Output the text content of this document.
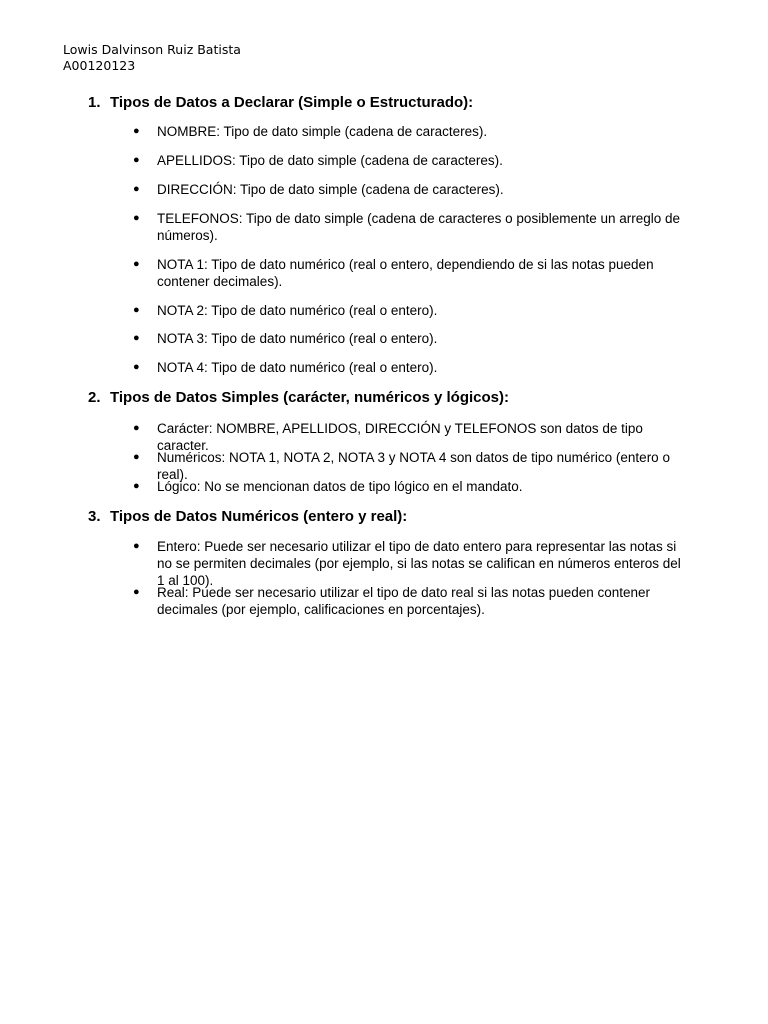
Lowis Dalvinson Ruiz Batista
A00120123
1. Tipos de Datos a Declarar (Simple o Estructurado):
● NOMBRE: Tipo de dato simple (cadena de caracteres).
● APELLIDOS: Tipo de dato simple (cadena de caracteres).
● DIRECCIÓN: Tipo de dato simple (cadena de caracteres).
● TELEFONOS: Tipo de dato simple (cadena de caracteres o posiblemente un arreglo de números).
● NOTA 1: Tipo de dato numérico (real o entero, dependiendo de si las notas pueden contener decimales).
● NOTA 2: Tipo de dato numérico (real o entero).
● NOTA 3: Tipo de dato numérico (real o entero).
● NOTA 4: Tipo de dato numérico (real o entero).
2. Tipos de Datos Simples (carácter, numéricos y lógicos):
● Carácter: NOMBRE, APELLIDOS, DIRECCIÓN y TELEFONOS son datos de tipo caracter.
● Numéricos: NOTA 1, NOTA 2, NOTA 3 y NOTA 4 son datos de tipo numérico (entero o real).
● Lógico: No se mencionan datos de tipo lógico en el mandato.
3. Tipos de Datos Numéricos (entero y real):
● Entero: Puede ser necesario utilizar el tipo de dato entero para representar las notas si no se permiten decimales (por ejemplo, si las notas se califican en números enteros del 1 al 100).
● Real: Puede ser necesario utilizar el tipo de dato real si las notas pueden contener decimales (por ejemplo, calificaciones en porcentajes).
